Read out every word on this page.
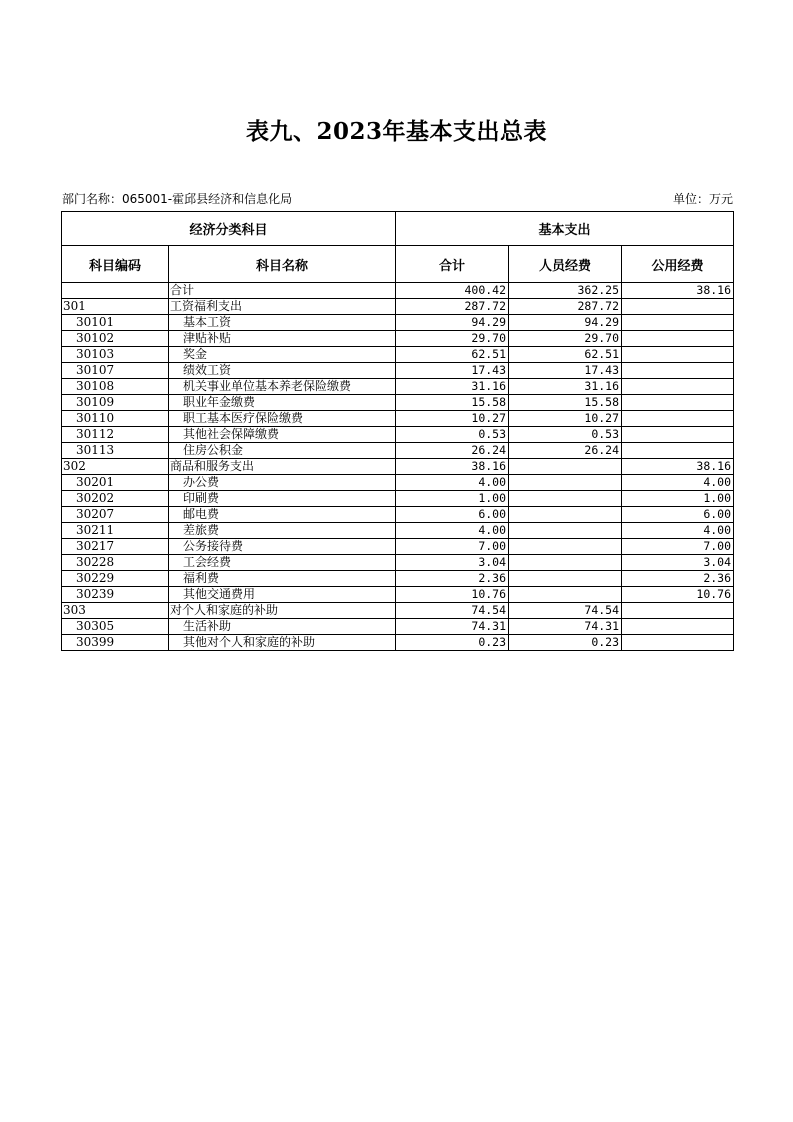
表九、2023年基本支出总表
部门名称：065001-霍邱县经济和信息化局	单位：万元
经济分类科目		基本支出		
科目编码	科目名称	合计	人员经费	公用经费
	合计	400.42	362.25	38.16
301	工资福利支出	287.72	287.72	
30101	基本工资	94.29	94.29	
30102	津贴补贴	29.70	29.70	
30103	奖金	62.51	62.51	
30107	绩效工资	17.43	17.43	
30108	机关事业单位基本养老保险缴费	31.16	31.16	
30109	职业年金缴费	15.58	15.58	
30110	职工基本医疗保险缴费	10.27	10.27	
30112	其他社会保障缴费	0.53	0.53	
30113	住房公积金	26.24	26.24	
302	商品和服务支出	38.16		38.16
30201	办公费	4.00		4.00
30202	印刷费	1.00		1.00
30207	邮电费	6.00		6.00
30211	差旅费	4.00		4.00
30217	公务接待费	7.00		7.00
30228	工会经费	3.04		3.04
30229	福利费	2.36		2.36
30239	其他交通费用	10.76		10.76
303	对个人和家庭的补助	74.54	74.54	
30305	生活补助	74.31	74.31	
30399	其他对个人和家庭的补助	0.23	0.23	
